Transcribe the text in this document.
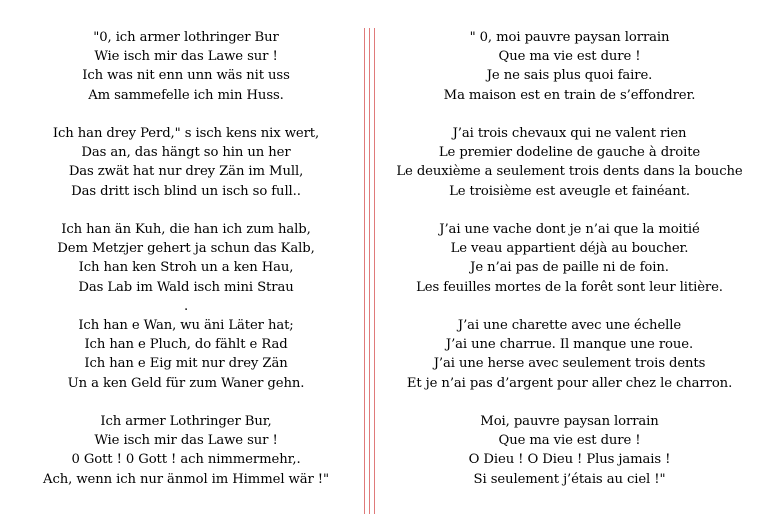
"0, ich armer lothringer Bur
Wie isch mir das Lawe sur !
Ich was nit enn unn wäs nit uss
Am sammefelle ich min Huss.
Ich han drey Perd," s isch kens nix wert,
Das an, das hängt so hin un her
Das zwät hat nur drey Zän im Mull,
Das dritt isch blind un isch so full..
Ich han än Kuh, die han ich zum halb,
Dem Metzjer gehert ja schun das Kalb,
Ich han ken Stroh un a ken Hau,
Das Lab im Wald isch mini Strau
.
Ich han e Wan, wu äni Läter hat;
Ich han e Pluch, do fählt e Rad
Ich han e Eig mit nur drey Zän
Un a ken Geld für zum Waner gehn.
Ich armer Lothringer Bur,
Wie isch mir das Lawe sur !
0 Gott ! 0 Gott ! ach nimmermehr,.
Ach, wenn ich nur änmol im Himmel wär !"
" 0, moi pauvre paysan lorrain
Que ma vie est dure !
Je ne sais plus quoi faire.
Ma maison est en train de s’effondrer.
J’ai trois chevaux qui ne valent rien
Le premier dodeline de gauche à droite
Le deuxième a seulement trois dents dans la bouche
Le troisième est aveugle et fainéant.
J’ai une vache dont je n’ai que la moitié
Le veau appartient déjà au boucher.
Je n’ai pas de paille ni de foin.
Les feuilles mortes de la forêt sont leur litière.
J’ai une charette avec une échelle
J’ai une charrue. Il manque une roue.
J’ai une herse avec seulement trois dents
Et je n’ai pas d’argent pour aller chez le charron.
Moi, pauvre paysan lorrain
Que ma vie est dure !
O Dieu ! O Dieu ! Plus jamais !
Si seulement j’étais au ciel !"
